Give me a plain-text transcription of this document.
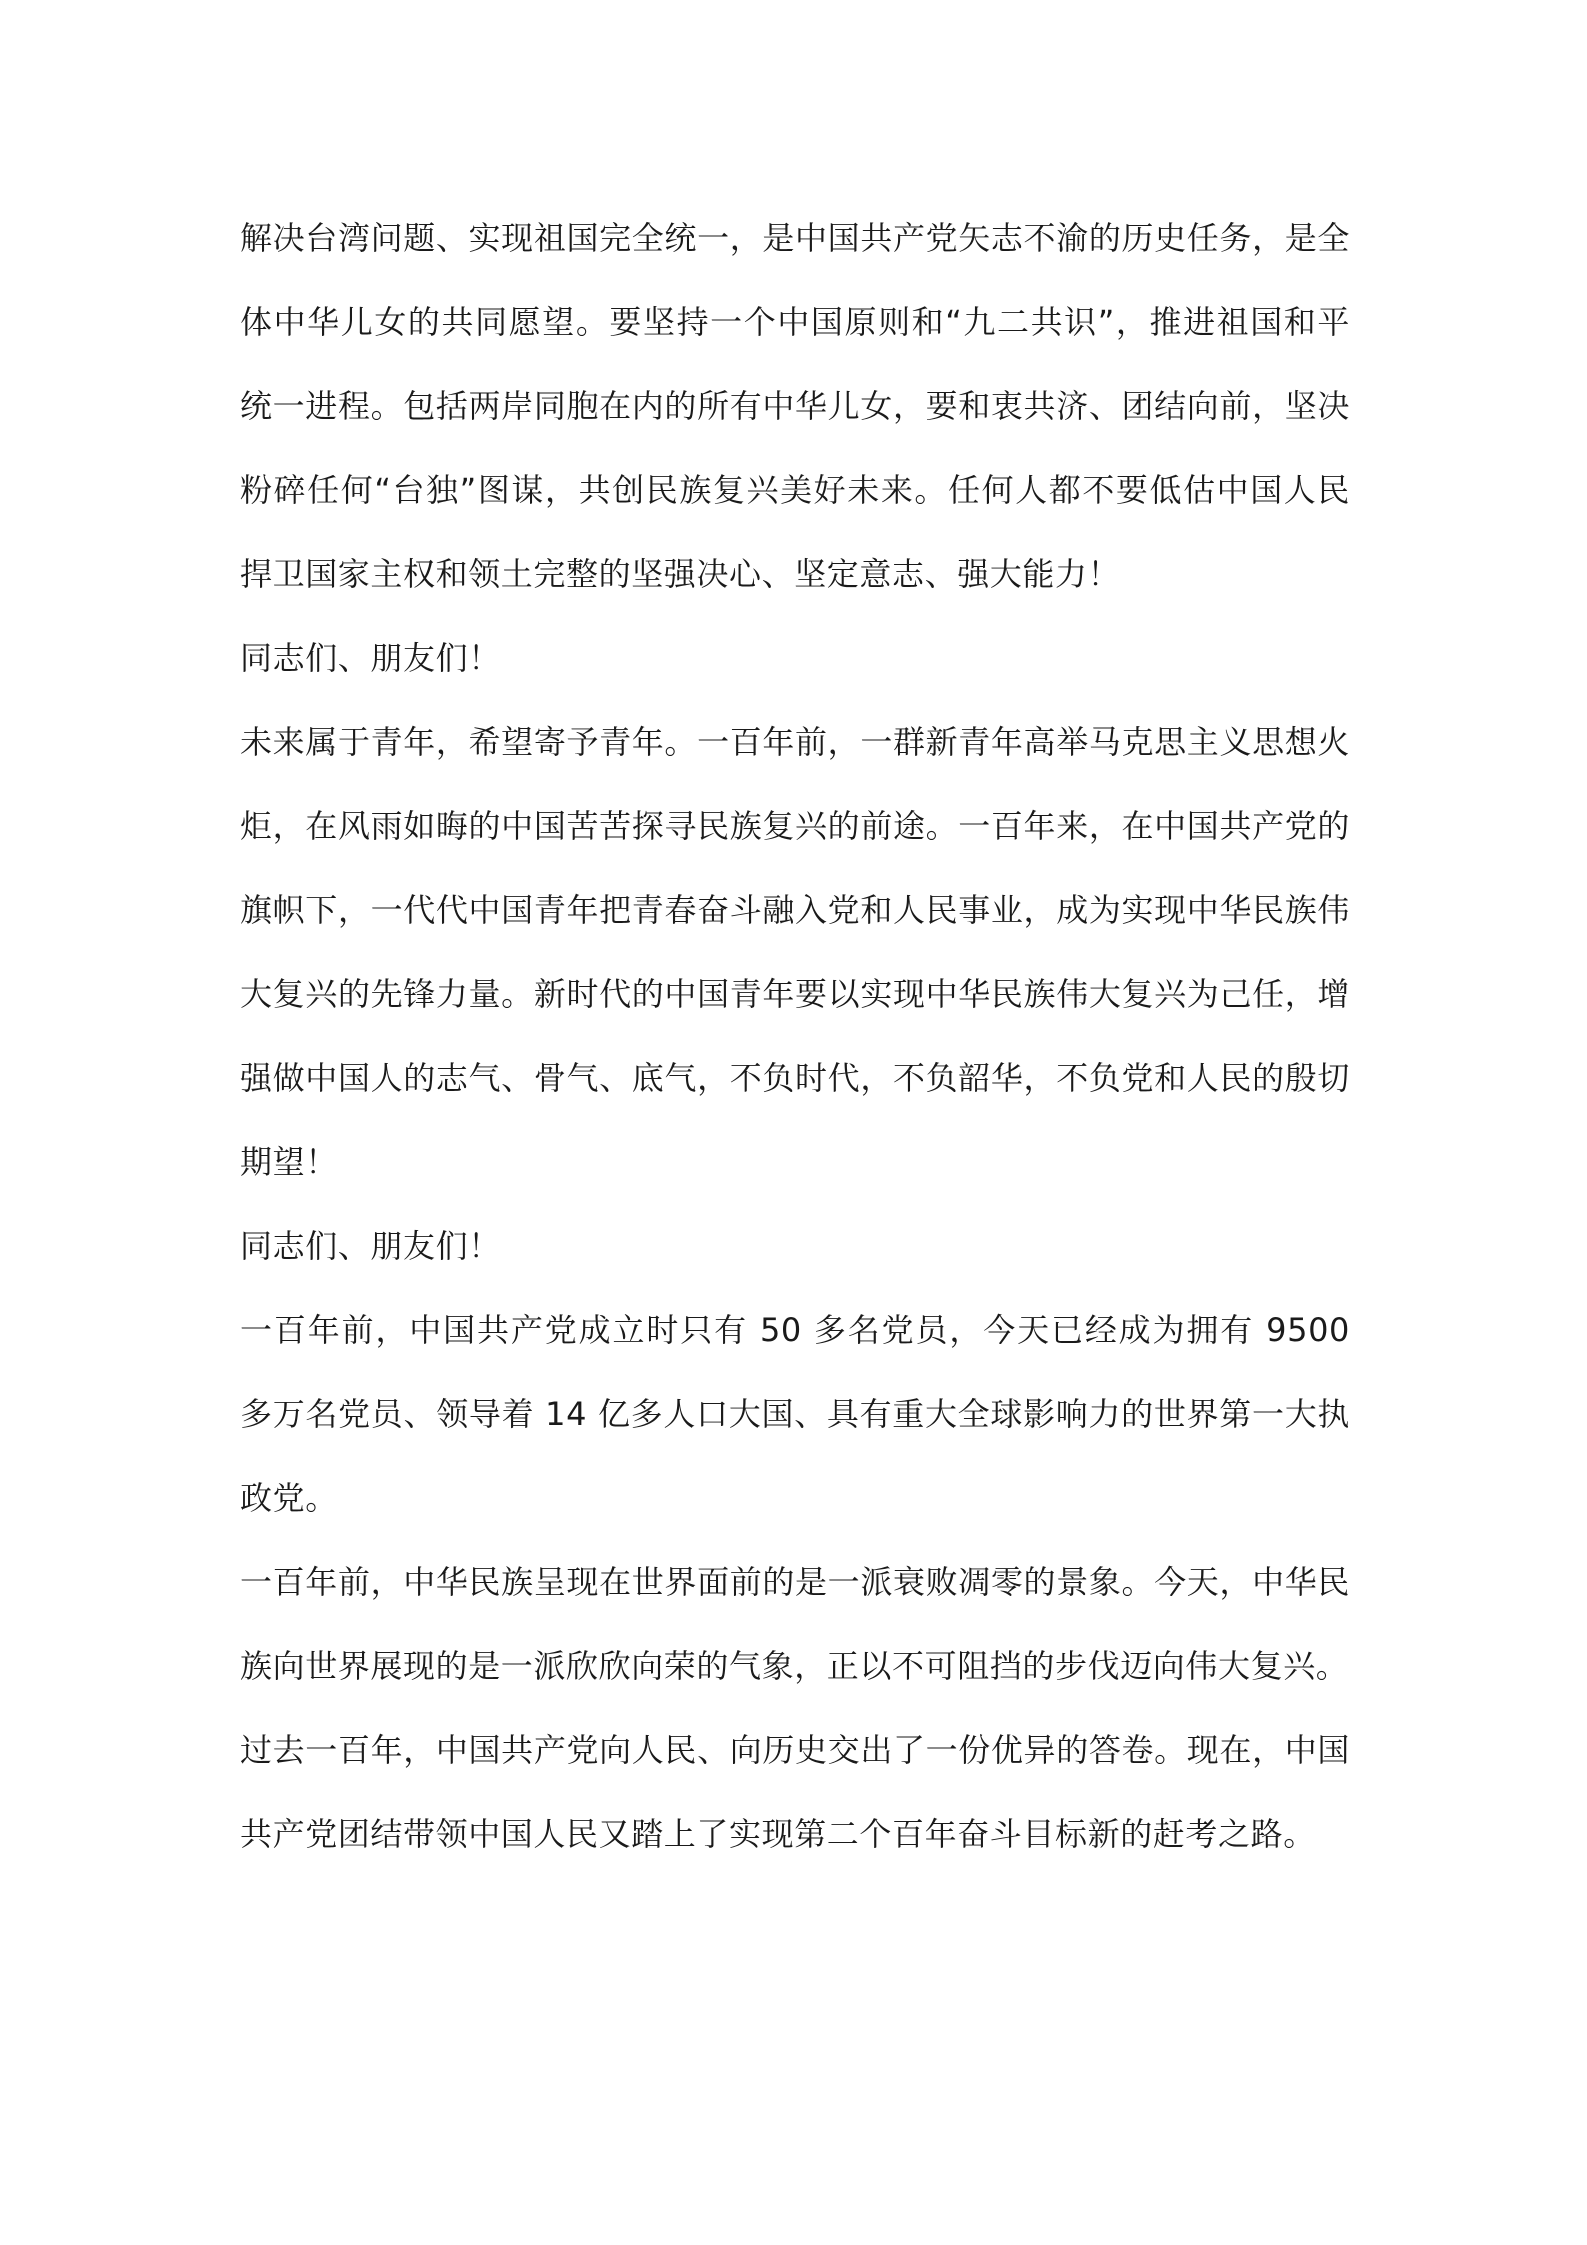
解决台湾问题、实现祖国完全统一，是中国共产党矢志不渝的历史任务，是全体中华儿女的共同愿望。要坚持一个中国原则和“九二共识”，推进祖国和平统一进程。包括两岸同胞在内的所有中华儿女，要和衷共济、团结向前，坚决粉碎任何“台独”图谋，共创民族复兴美好未来。任何人都不要低估中国人民捍卫国家主权和领土完整的坚强决心、坚定意志、强大能力！

同志们、朋友们！

未来属于青年，希望寄予青年。一百年前，一群新青年高举马克思主义思想火炬，在风雨如晦的中国苦苦探寻民族复兴的前途。一百年来，在中国共产党的旗帜下，一代代中国青年把青春奋斗融入党和人民事业，成为实现中华民族伟大复兴的先锋力量。新时代的中国青年要以实现中华民族伟大复兴为己任，增强做中国人的志气、骨气、底气，不负时代，不负韶华，不负党和人民的殷切期望！

同志们、朋友们！

一百年前，中国共产党成立时只有 50 多名党员，今天已经成为拥有 9500 多万名党员、领导着 14 亿多人口大国、具有重大全球影响力的世界第一大执政党。

一百年前，中华民族呈现在世界面前的是一派衰败凋零的景象。今天，中华民族向世界展现的是一派欣欣向荣的气象，正以不可阻挡的步伐迈向伟大复兴。

过去一百年，中国共产党向人民、向历史交出了一份优异的答卷。现在，中国共产党团结带领中国人民又踏上了实现第二个百年奋斗目标新的赶考之路。
